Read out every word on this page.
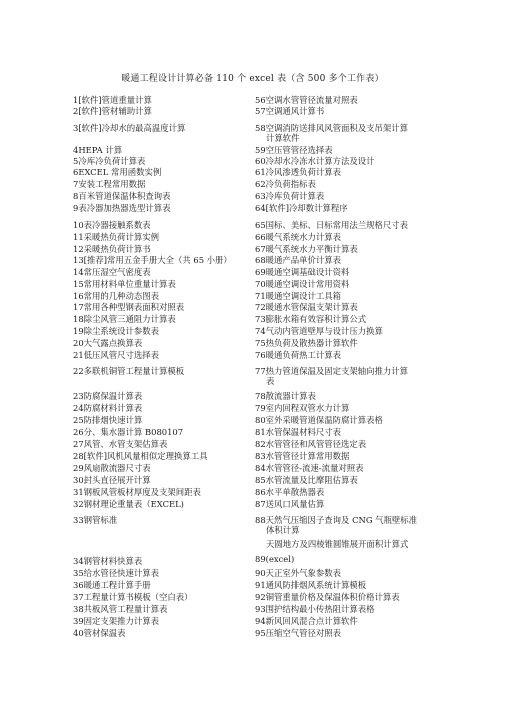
暖通工程设计计算必备 110 个 excel 表（含 500 多个工作表）
1[软件]管道重量计算
2[软件]管材辅助计算
3[软件]冷却水的最高温度计算
4HEPA 计算
5冷库冷负荷计算表
6EXCEL 常用函数实例
7安装工程常用数据
8百米管道保温体积查询表
9表冷器加热器选型计算表
10表冷器接触系数表
11采暖热负荷计算实例
12采暖热负荷计算书
13[推荐]常用五金手册大全（共 65 小册）
14常压湿空气密度表
15常用材料单位重量计算表
16常用的几种动态图表
17常用各种型钢表面积对照表
18除尘风管三通阻力计算表
19除尘系统设计参数表
20大气露点换算表
21低压风管尺寸选择表
22多联机铜管工程量计算模板
23防腐保温计算表
24防腐材料计算表
25防排烟快速计算
26分、集水器计算 B080107
27风管、水管支架估算表
28[软件]风机风量相似定理换算工具
29风扇散流器尺寸表
30封头直径展开计算
31钢板风管板材厚度及支架间距表
32钢材理论重量表（EXCEL)
33钢管标准
34钢管材料快算表
35给水管径快速计算表
36暖通工程计算手册
37工程量计算书模板（空白表）
38共板风管工程量计算表
39固定支架推力计算表
40管材保温表
56空调水管管径流量对照表
57空调通风计算书
58空调消防送排风风管面积及支吊架计算
计算软件
59空压管管径选择表
60冷却水冷冻水计算方法及设计
61冷风渗透负荷计算表
62冷负荷指标表
63冷库负荷计算表
64[软件]冷却数计算程序
65国标、美标、日标常用法兰规格尺寸表
66暖气系统水力计算表
67暖气系统水力平衡计算表
68暖通产品单价计算表
69暖通空调基础设计资料
70暖通空调设计常用资料
71暖通空调设计工具箱
72暖通水管保温支架计算表
73膨胀水箱有效容积计算公式
74气动内管道壁厚与设计压力换算
75热负荷及散热器计算软件
76暖通负荷热工计算表
77热力管道保温及固定支架轴向推力计算
表
78散流器计算表
79室内回程双管水力计算
80室外采暖管道保温防腐计算表格
81水管保温材料尺寸表
82水管管径和风管管径选定表
83水管管径计算常用数据
84水管管径-流速-流量对照表
85水管流量及比摩阻估算表
86水平单散热器表
87送风口风量估算
88天然气压缩因子查询及 CNG 气瓶壁标准
体积计算
天圆地方及四棱锥圆锥展开面积计算式
89(excel)
90天正室外气象参数表
91通风防排烟风系统计算模板
92铜管重量价格及保温体积价格计算表
93围护结构最小传热阻计算表格
94新风回风混合点计算软件
95压缩空气管径对照表
